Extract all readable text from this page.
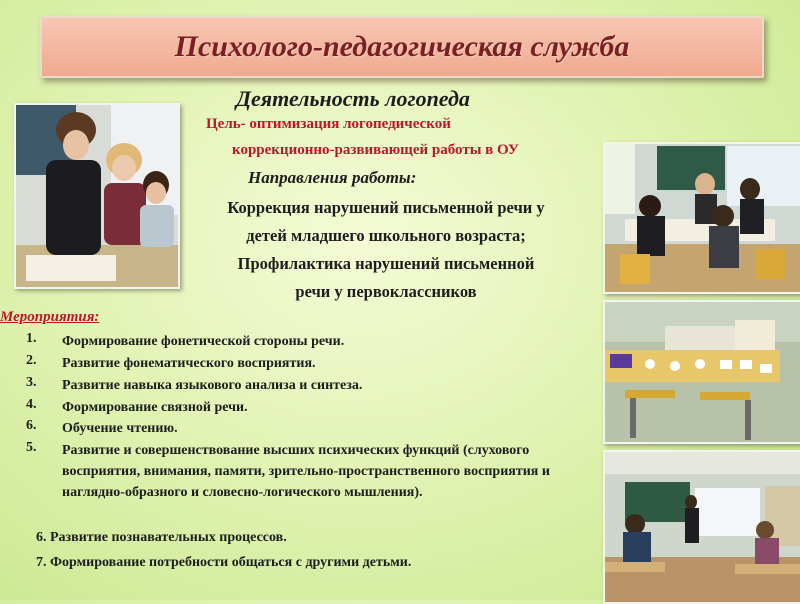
Психолого-педагогическая служба
Деятельность логопеда
Цель- оптимизация логопедической
коррекционно-развивающей работы в ОУ
Направления работы:
Коррекция нарушений письменной речи у
детей младшего школьного возраста;
Профилактика нарушений письменной
речи у первоклассников
Мероприятия:
1. Формирование фонетической стороны речи.
2. Развитие фонематического восприятия.
3. Развитие навыка языкового анализа и синтеза.
4. Формирование связной речи.
6. Обучение чтению.
5. Развитие и совершенствование высших психических функций (слухового восприятия, внимания, памяти, зрительно-пространственного восприятия и наглядно-образного и словесно-логического мышления).
6. Развитие познавательных процессов.
7. Формирование потребности общаться с другими детьми.
